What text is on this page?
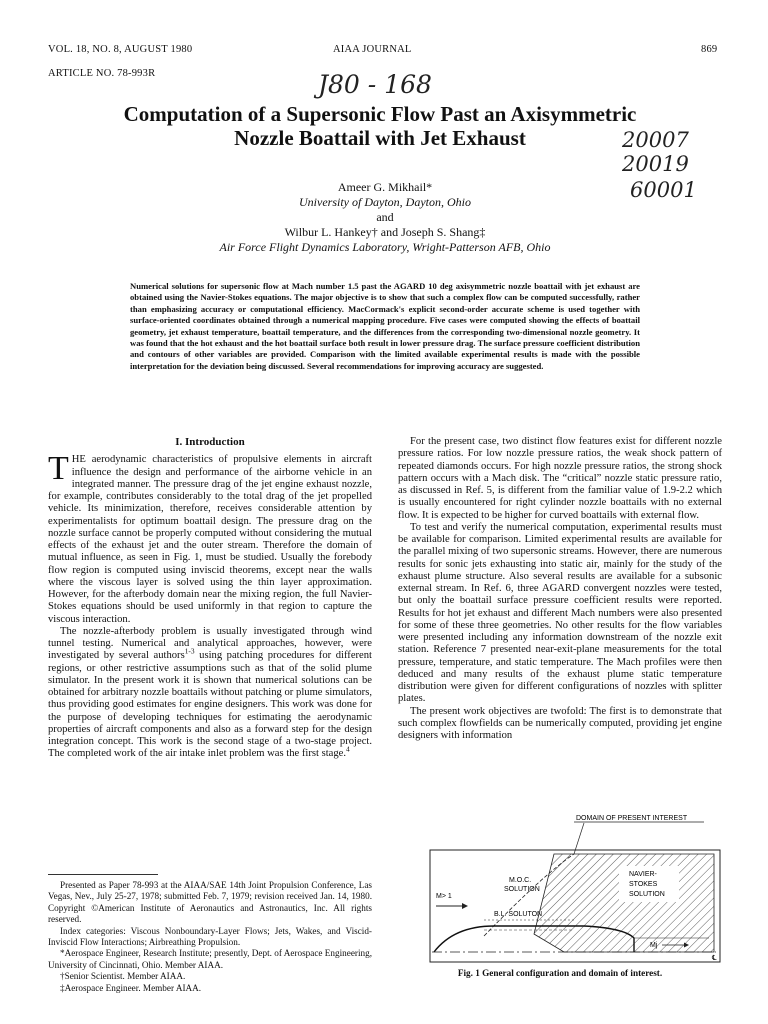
VOL. 18, NO. 8, AUGUST 1980	AIAA JOURNAL	869
ARTICLE NO. 78-993R	J80 - 168
20007
20019
60001
Computation of a Supersonic Flow Past an Axisymmetric
Nozzle Boattail with Jet Exhaust
Ameer G. Mikhail*
University of Dayton, Dayton, Ohio
and
Wilbur L. Hankey† and Joseph S. Shang‡
Air Force Flight Dynamics Laboratory, Wright-Patterson AFB, Ohio
Numerical solutions for supersonic flow at Mach number 1.5 past the AGARD 10 deg axisymmetric nozzle boattail with jet exhaust are obtained using the Navier-Stokes equations. The major objective is to show that such a complex flow can be computed successfully, rather than emphasizing accuracy or computational efficiency. MacCormack's explicit second-order accurate scheme is used together with surface-oriented coordinates obtained through a numerical mapping procedure. Five cases were computed showing the effects of boattail geometry, jet exhaust temperature, boattail temperature, and the differences from the corresponding two-dimensional nozzle geometry. It was found that the hot exhaust and the hot boattail surface both result in lower pressure drag. The surface pressure coefficient distribution and contours of other variables are provided. Comparison with the limited available experimental results is made with the possible interpretation for the deviation being discussed. Several recommendations for improving accuracy are suggested.
I. Introduction

THE aerodynamic characteristics of propulsive elements in aircraft influence the design and performance of the airborne vehicle in an integrated manner. The pressure drag of the jet engine exhaust nozzle, for example, contributes considerably to the total drag of the jet propelled vehicle. Its minimization, therefore, receives considerable attention by experimentalists for optimum boattail design. The pressure drag on the nozzle surface cannot be properly computed without considering the mutual effects of the exhaust jet and the outer stream. Therefore the domain of mutual influence, as seen in Fig. 1, must be studied. Usually the forebody flow region is computed using inviscid theorems, except near the walls where the viscous layer is solved using the thin layer approximation. However, for the afterbody domain near the mixing region, the full Navier-Stokes equations should be used uniformly in that region to capture the viscous interaction.

The nozzle-afterbody problem is usually investigated through wind tunnel testing. Numerical and analytical approaches, however, were investigated by several authors$^{1-3}$ using patching procedures for different regions, or other restrictive assumptions such as that of the solid plume simulator. In the present work it is shown that numerical solutions can be obtained for arbitrary nozzle boattails without patching or plume simulators, thus providing good estimates for engine designers. This work was done for the purpose of developing techniques for estimating the aerodynamic properties of aircraft components and also as a forward step for the design integration concept. This work is the second stage of a two-stage project. The completed work of the air intake inlet problem was the first stage.$^4$

For the present case, two distinct flow features exist for different nozzle pressure ratios. For low nozzle pressure ratios, the weak shock pattern of repeated diamonds occurs. For high nozzle pressure ratios, the strong shock pattern occurs with a Mach disk. The “critical” nozzle static pressure ratio, as discussed in Ref. 5, is different from the familiar value of 1.9-2.2 which is usually encountered for right cylinder nozzle boattails with no external flow. It is expected to be higher for curved boattails with external flow.

To test and verify the numerical computation, experimental results must be available for comparison. Limited experimental results are available for the parallel mixing of two supersonic streams. However, there are numerous results for sonic jets exhausting into static air, mainly for the study of the exhaust plume structure. Also several results are available for a subsonic external stream. In Ref. 6, three AGARD convergent nozzles were tested, but only the boattail surface pressure coefficient results were reported. Results for hot jet exhaust and different Mach numbers were also presented for some of these three geometries. No other results for the flow variables were presented including any information downstream of the nozzle exit station. Reference 7 presented near-exit-plane measurements for the total pressure, temperature, and static temperature. The Mach profiles were then deduced and many results of the exhaust plume static temperature distribution were given for different configurations of nozzles with splitter plates.

The present work objectives are twofold: The first is to demonstrate that such complex flowfields can be numerically computed, providing jet engine designers with information

Presented as Paper 78-993 at the AIAA/SAE 14th Joint Propulsion Conference, Las Vegas, Nev., July 25-27, 1978; submitted Feb. 7, 1979; revision received Jan. 14, 1980. Copyright ©American Institute of Aeronautics and Astronautics, Inc. All rights reserved.

Index categories: Viscous Nonboundary-Layer Flows; Jets, Wakes, and Viscid-Inviscid Flow Interactions; Airbreathing Propulsion.

*Aerospace Engineer, Research Institute; presently, Dept. of Aerospace Engineering, University of Cincinnati, Ohio. Member AIAA.

†Senior Scientist. Member AIAA.

‡Aerospace Engineer. Member AIAA.

DOMAIN OF PRESENT INTEREST
NAVIER-
STOKES
SOLUTION
M.O.C.
SOLUTION
M> 1
B.L. SOLUTON
Mj
℄
Fig. 1 General configuration and domain of interest.
